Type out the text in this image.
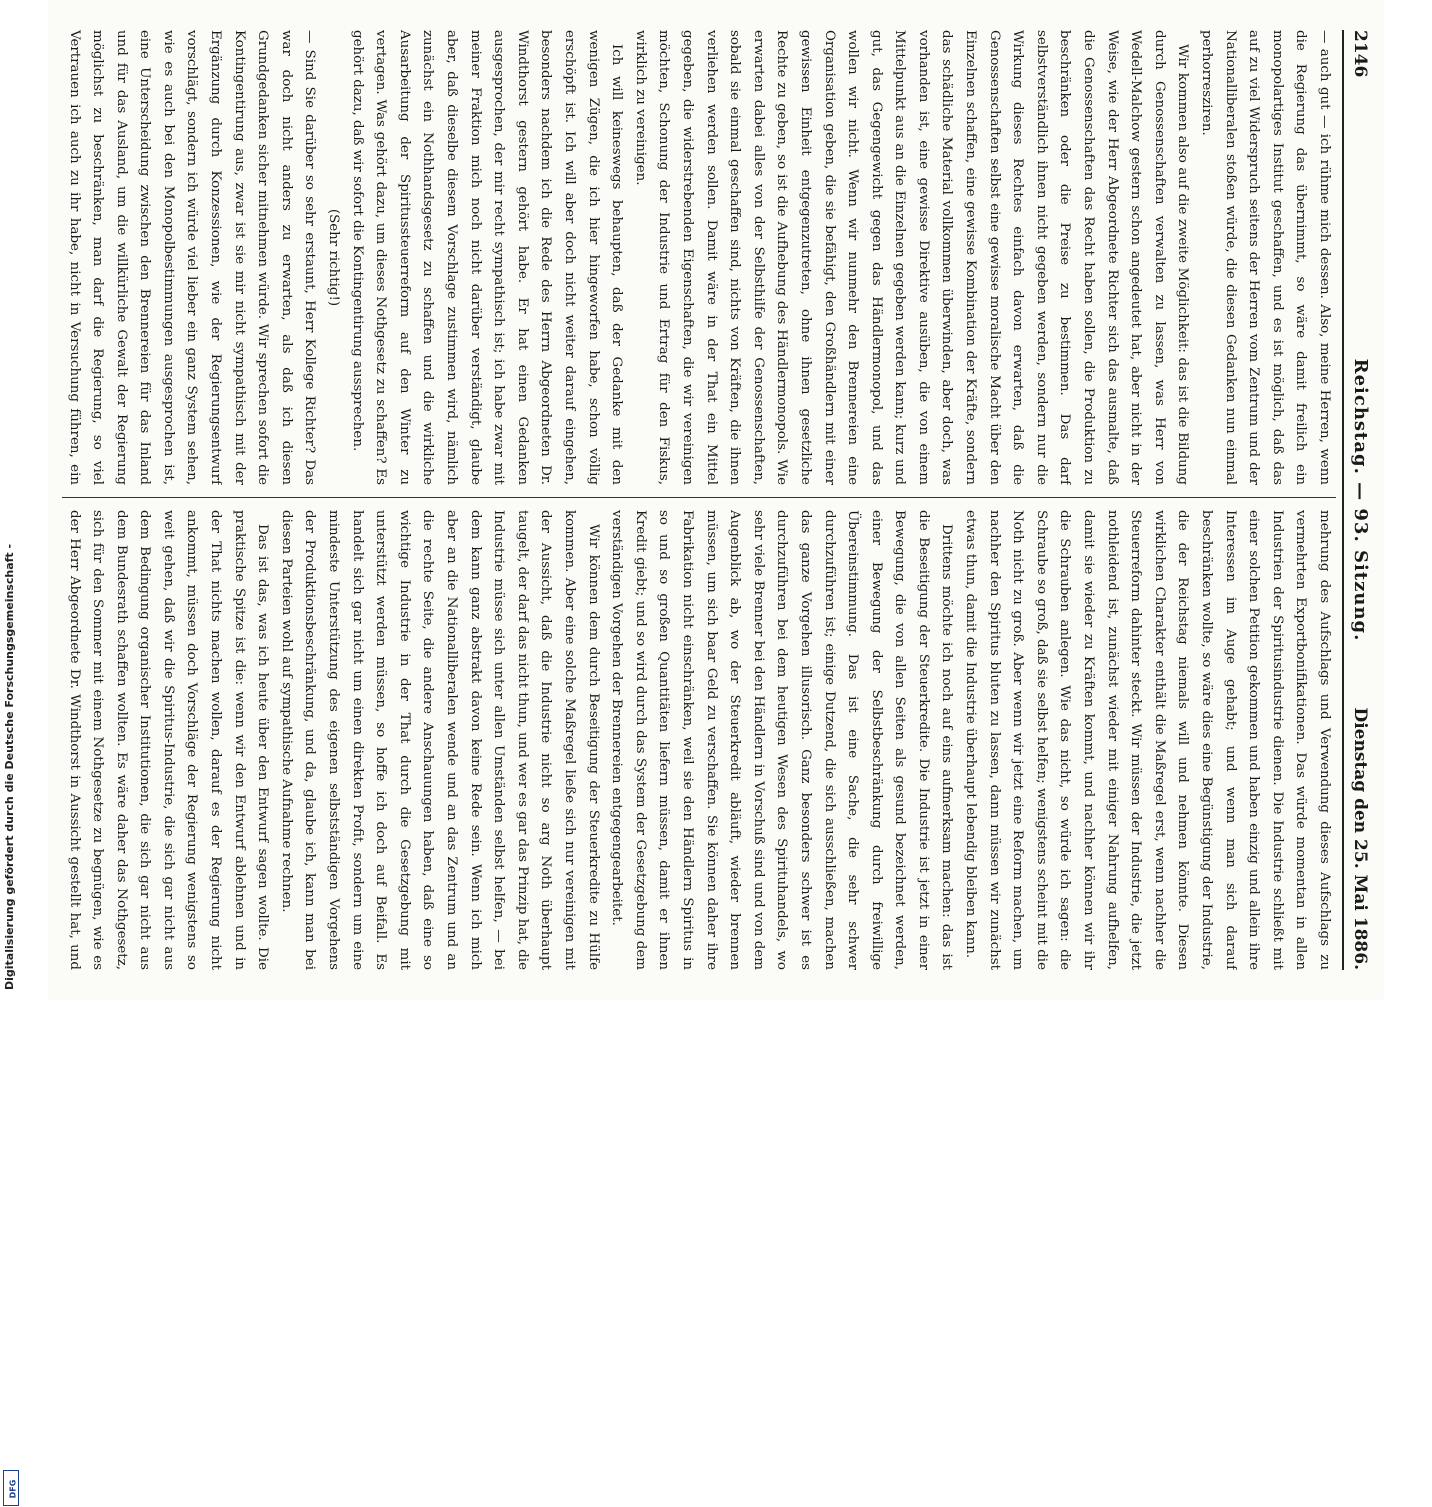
2146
Reichstag. — 93. Sitzung.
Dienstag den 25. Mai 1886.

— auch gut — ich rühme mich dessen. Also, meine Herren, wenn die Regierung das übernimmt, so wäre damit freilich ein monopolartiges Institut geschaffen, und es ist möglich, daß das auf zu viel Widerspruch seitens der Herren vom Zentrum und der Nationalliberalen stoßen würde, die diesen Gedanken nun einmal perhorresziren.

Wir kommen also auf die zweite Möglichkeit: das ist die Bildung durch Genossenschaften verwalten zu lassen, was Herr von Wedell-Malchow gestern schon angedeutet hat, aber nicht in der Weise, wie der Herr Abgeordnete Richter sich das ausmalte, daß die Genossenschaften das Recht haben sollen, die Produktion zu beschränken oder die Preise zu bestimmen. Das darf selbstverständlich ihnen nicht gegeben werden, sondern nur die Wirkung dieses Rechtes einfach davon erwarten, daß die Genossenschaften selbst eine gewisse moralische Macht über den Einzelnen schaffen, eine gewisse Kombination der Kräfte, sondern das schädliche Material vollkommen überwinden, aber doch, was vorhanden ist, eine gewisse Direktive ausüben, die von einem Mittelpunkt aus an die Einzelnen gegeben werden kann; kurz und gut, das Gegengewicht gegen das Händlermonopol, und das wollen wir nicht. Wenn wir nunmehr den Brennereien eine Organisation geben, die sie befähigt, den Großhändlern mit einer gewissen Einheit entgegenzutreten, ohne ihnen gesetzliche Rechte zu geben, so ist die Aufhebung des Händlermonopols. Wie erwarten dabei alles von der Selbsthilfe der Genossenschaften, sobald sie einmal geschaffen sind, nichts von Kräften, die ihnen verliehen werden sollen. Damit wäre in der That ein Mittel gegeben, die widerstrebenden Eigenschaften, die wir vereinigen möchten, Schonung der Industrie und Ertrag für den Fiskus, wirklich zu vereinigen.

Ich will keineswegs behaupten, daß der Gedanke mit den wenigen Zügen, die ich hier hingeworfen habe, schon völlig erschöpft ist. Ich will aber doch nicht weiter darauf eingehen, besonders nachdem ich die Rede des Herrn Abgeordneten Dr. Windthorst gestern gehört habe. Er hat einen Gedanken ausgesprochen, der mir recht sympathisch ist; ich habe zwar mit meiner Fraktion mich noch nicht darüber verständigt, glaube aber, daß dieselbe diesem Vorschlage zustimmen wird, nämlich zunächst ein Nothhandsgesetz zu schaffen und die wirkliche Ausarbeitung der Spiritussteuerreform auf den Winter zu vertagen. Was gehört dazu, um dieses Nothgesetz zu schaffen? Es gehört dazu, daß wir sofort die Kontingentirung aussprechen.

(Sehr richtig!)

— Sind Sie darüber so sehr erstaunt, Herr Kollege Richter? Das war doch nicht anders zu erwarten, als daß ich diesen Grundgedanken sicher mitnehmen würde. Wir sprechen sofort die Kontingentirung aus, zwar ist sie mir nicht sympathisch mit der Ergänzung durch Konzessionen, wie der Regierungsentwurf vorschlägt, sondern ich würde viel lieber ein ganz System sehen, wie es auch bei den Monopolbestimmungen ausgesprochen ist, eine Unterscheidung zwischen den Brennereien für das Inland und für das Ausland, um die willkürliche Gewalt der Regierung möglichst zu beschränken, man darf die Regierung, so viel Vertrauen ich auch zu ihr habe, nicht in Versuchung führen, ein

mehrung des Aufschlags und Verwendung dieses Aufschlags zu vermehrten Exportbonifikationen. Das würde momentan in allen Industrien der Spiritusindustrie dienen. Die Industrie schließt mit einer solchen Petition gekommen und haben einzig und allein ihre Interessen im Auge gehabt; und wenn man sich darauf beschränken wollte, so wäre dies eine Begünstigung der Industrie, die der Reichstag niemals will und nehmen könnte. Diesen wirklichen Charakter enthält die Maßregel erst, wenn nachher die Steuerreform dahinter steckt. Wir müssen der Industrie, die jetzt nothleidend ist, zunächst wieder mit einiger Nahrung aufhelfen, damit sie wieder zu Kräften kommt, und nachher können wir ihr die Schrauben anlegen. Wie das nicht, so würde ich sagen: die Schraube so groß, daß sie selbst helfen; wenigstens scheint mit die Noth nicht zu groß. Aber wenn wir jetzt eine Reform machen, um nachher den Spiritus bluten zu lassen, dann müssen wir zunächst etwas thun, damit die Industrie überhaupt lebendig bleiben kann.

Drittens möchte ich noch auf eins aufmerksam machen: das ist die Beseitigung der Steuerkredite. Die Industrie ist jetzt in einer Bewegung, die von allen Seiten als gesund bezeichnet werden, einer Bewegung der Selbstbeschränkung durch freiwillige Übereinstimmung. Das ist eine Sache, die sehr schwer durchzuführen ist; einige Dutzend, die sich ausschließen, machen das ganze Vorgehen illusorisch. Ganz besonders schwer ist es durchzuführen bei dem heutigen Wesen des Spirituhandels, wo sehr viele Brenner bei den Händlern in Vorschuß sind und von dem Augenblick ab, wo der Steuerkredit abläuft, wieder brennen müssen, um sich baar Geld zu verschaffen. Sie können daher ihre Fabrikation nicht einschränken, weil sie den Händlern Spiritus in so und so großen Quantitäten liefern müssen, damit er ihnen Kredit giebt; und so wird durch das System der Gesetzgebung dem verständigen Vorgehen der Brennereien entgegengearbeitet.

Wir können dem durch Beseitigung der Steuerkredite zu Hülfe kommen. Aber eine solche Maßregel ließe sich nur vereinigen mit der Aussicht, daß die Industrie nicht so arg Noth überhaupt taugelt, der darf das nicht thun, und wer es gar das Prinzip hat, die Industrie müsse sich unter allen Umständen selbst helfen, — bei dem kann ganz abstrakt davon keine Rede sein. Wenn ich mich aber an die Nationalliberalen wende und an das Zentrum und an die rechte Seite, die andere Anschauungen haben, daß eine so wichtige Industrie in der That durch die Gesetzgebung mit unterstützt werden müssen, so hoffe ich doch auf Beifall. Es handelt sich gar nicht um einen direkten Profit, sondern um eine mindeste Unterstützung des eigenen selbstständigen Vorgehens der Produktionsbeschränkung, und da, glaube ich, kann man bei diesen Parteien wohl auf sympathische Aufnahme rechnen.

Das ist das, was ich heute über den Entwurf sagen wollte. Die praktische Spitze ist die: wenn wir den Entwurf ablehnen und in der That nichts machen wollen, darauf es der Regierung nicht ankommt, müssen doch Vorschläge der Regierung wenigstens so weit gehen, daß wir die Spiritus-Industrie, die sich gar nicht aus dem Bedingung organischer Institutionen, die sich gar nicht aus dem Bundesrath schaffen wollten. Es wäre daher das Nothgesetz, sich für den Sommer mit einem Nothgesetze zu begnügen, wie es der Herr Abgeordnete Dr. Windthorst in Aussicht gestellt hat, und

Digitalisierung gefördert durch die Deutsche Forschungsgemeinschaft -
DFG
